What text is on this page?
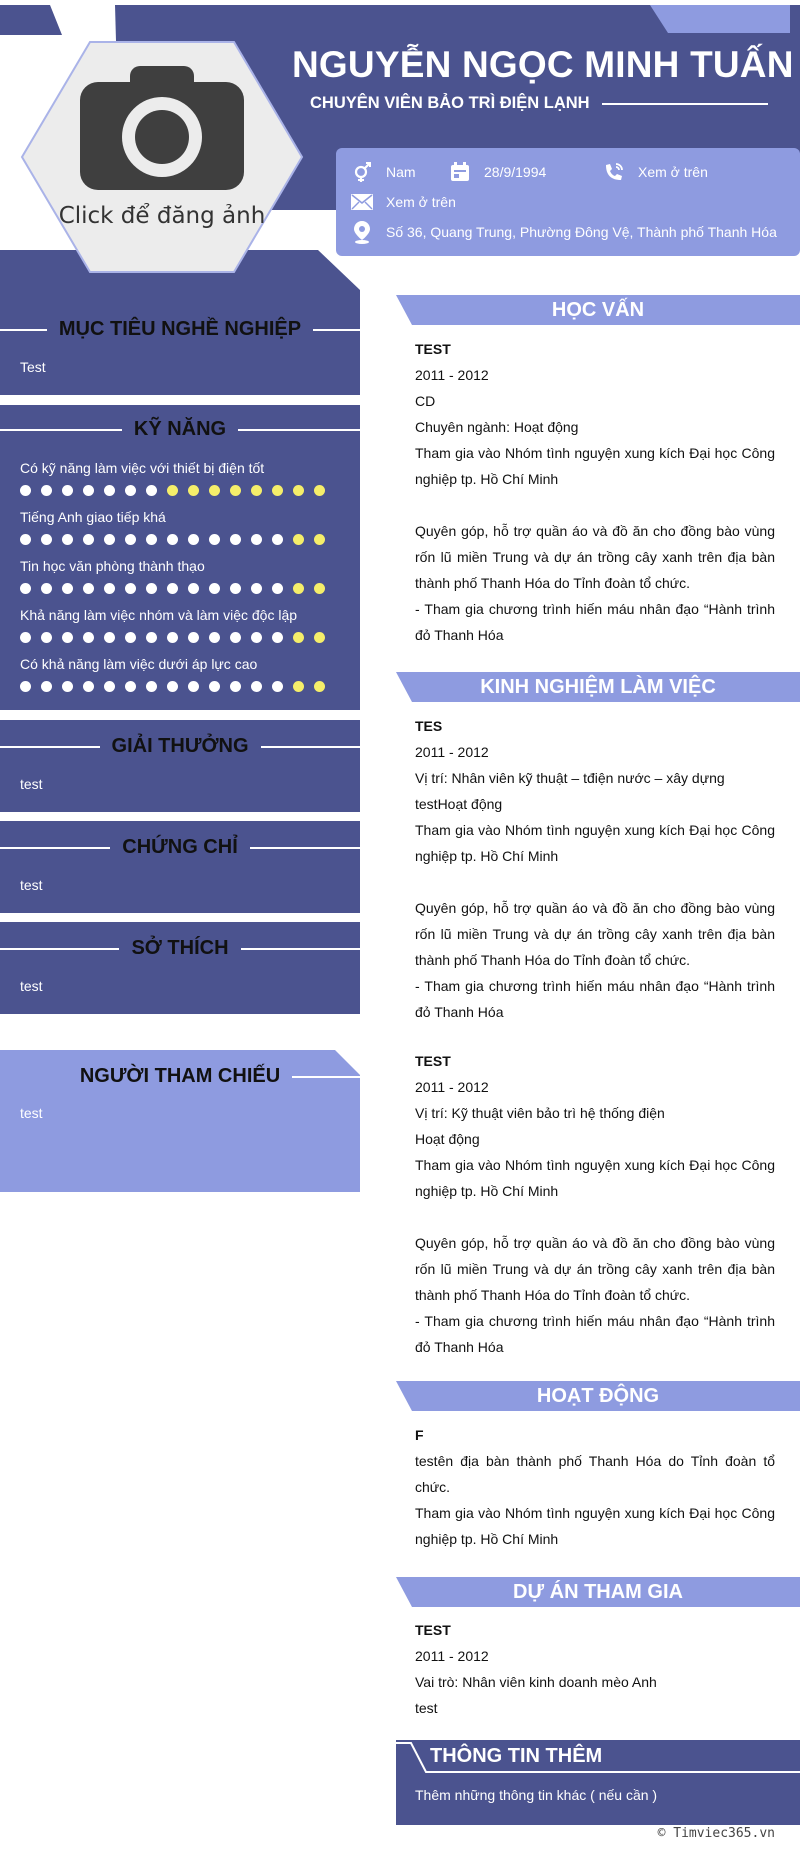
Click để đăng ảnh
NGUYỄN NGỌC MINH TUẤN
CHUYÊN VIÊN BẢO TRÌ ĐIỆN LẠNH
Nam	28/9/1994	Xem ở trên
Xem ở trên
Số 36, Quang Trung, Phường Đông Vệ, Thành phố Thanh Hóa
MỤC TIÊU NGHỀ NGHIỆP
Test
KỸ NĂNG
Có kỹ năng làm việc với thiết bị điện tốt
Tiếng Anh giao tiếp khá
Tin học văn phòng thành thạo
Khả năng làm việc nhóm và làm việc độc lập
Có khả năng làm việc dưới áp lực cao
GIẢI THƯỞNG
test
CHỨNG CHỈ
test
SỞ THÍCH
test
NGƯỜI THAM CHIẾU
test
HỌC VẤN
TEST
2011 - 2012
CD
Chuyên ngành: Hoạt động
Tham gia vào Nhóm tình nguyện xung kích Đại học Công nghiệp tp. Hồ Chí Minh
Quyên góp, hỗ trợ quần áo và đồ ăn cho đồng bào vùng rốn lũ miền Trung và dự án trồng cây xanh trên địa bàn thành phố Thanh Hóa do Tỉnh đoàn tổ chức.
- Tham gia chương trình hiến máu nhân đạo “Hành trình đỏ Thanh Hóa
KINH NGHIỆM LÀM VIỆC
TES
2011 - 2012
Vị trí: Nhân viên kỹ thuật – tđiện nước – xây dựng
testHoạt động
Tham gia vào Nhóm tình nguyện xung kích Đại học Công nghiệp tp. Hồ Chí Minh
Quyên góp, hỗ trợ quần áo và đồ ăn cho đồng bào vùng rốn lũ miền Trung và dự án trồng cây xanh trên địa bàn thành phố Thanh Hóa do Tỉnh đoàn tổ chức.
- Tham gia chương trình hiến máu nhân đạo “Hành trình đỏ Thanh Hóa
TEST
2011 - 2012
Vị trí: Kỹ thuật viên bảo trì hệ thống điện
Hoạt động
Tham gia vào Nhóm tình nguyện xung kích Đại học Công nghiệp tp. Hồ Chí Minh
Quyên góp, hỗ trợ quần áo và đồ ăn cho đồng bào vùng rốn lũ miền Trung và dự án trồng cây xanh trên địa bàn thành phố Thanh Hóa do Tỉnh đoàn tổ chức.
- Tham gia chương trình hiến máu nhân đạo “Hành trình đỏ Thanh Hóa
HOẠT ĐỘNG
F
testên địa bàn thành phố Thanh Hóa do Tỉnh đoàn tổ chức.
Tham gia vào Nhóm tình nguyện xung kích Đại học Công nghiệp tp. Hồ Chí Minh
DỰ ÁN THAM GIA
TEST
2011 - 2012
Vai trò: Nhân viên kinh doanh mèo Anh
test
THÔNG TIN THÊM
Thêm những thông tin khác ( nếu cần )
© Timviec365.vn
